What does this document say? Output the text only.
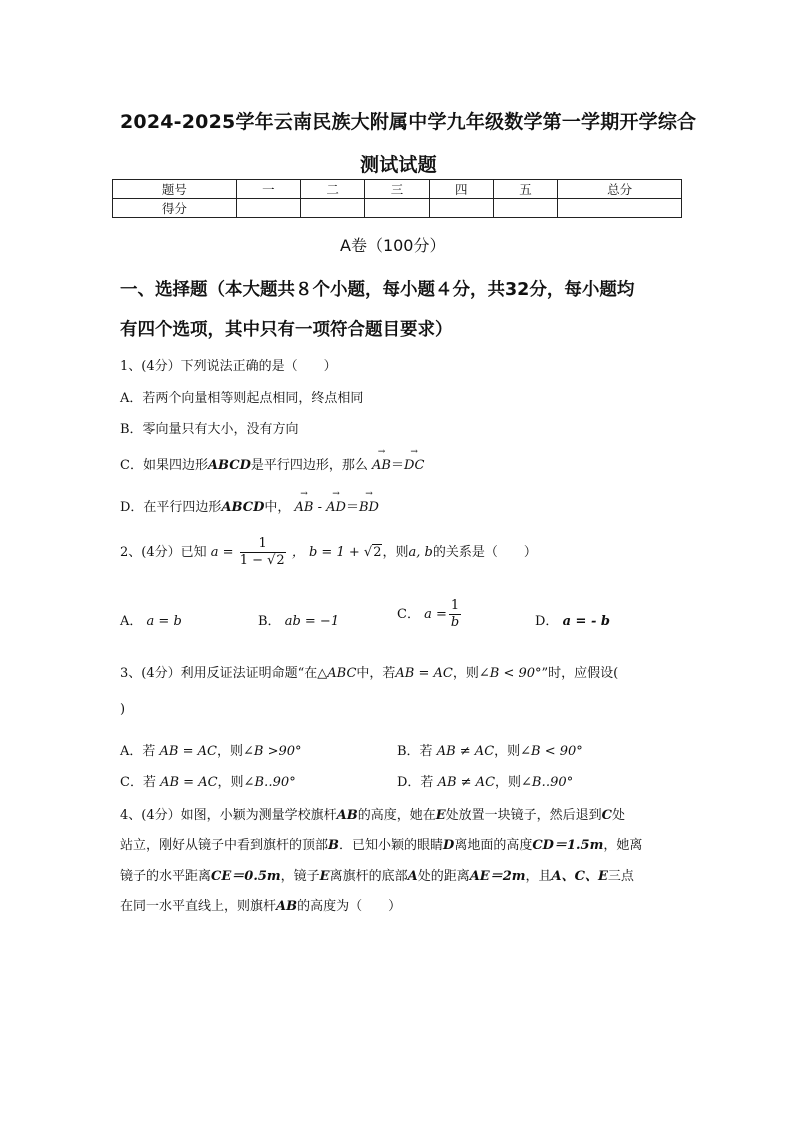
2024-2025学年云南民族大附属中学九年级数学第一学期开学综合
测试试题
题号	一	二	三	四	五	总分
得分						
A卷（100分）
一、选择题（本大题共８个小题，每小题４分，共32分，每小题均
有四个选项，其中只有一项符合题目要求）
1、(4分）下列说法正确的是（　　）
A．若两个向量相等则起点相同，终点相同
B．零向量只有大小，没有方向
C．如果四边形ABCD是平行四边形，那么 → AB＝→ DC
D．在平行四边形ABCD中， → AB - → AD＝→ BD
2、(4分）已知 $a = \frac{1}{1 - √2}$ ， b = 1 + √2，则a, b的关系是（　　）
A． a = b	B． ab = −1	C． $a = \frac{1}{b}$	D． a = - b
3、(4分）利用反证法证明命题“在△ABC中，若AB = AC，则∠B < 90°”时，应假设(
)
A．若 AB = AC，则∠B >90°	B．若 AB ≠ AC，则∠B < 90°
C．若 AB = AC，则∠B‥90°	D．若 AB ≠ AC，则∠B‥90°
4、(4分）如图，小颖为测量学校旗杆AB的高度，她在E处放置一块镜子，然后退到C处
站立，刚好从镜子中看到旗杆的顶部B．已知小颖的眼睛D离地面的高度CD＝1.5m，她离
镜子的水平距离CE＝0.5m，镜子E离旗杆的底部A处的距离AE＝2m，且A、C、E三点
在同一水平直线上，则旗杆AB的高度为（　　）
